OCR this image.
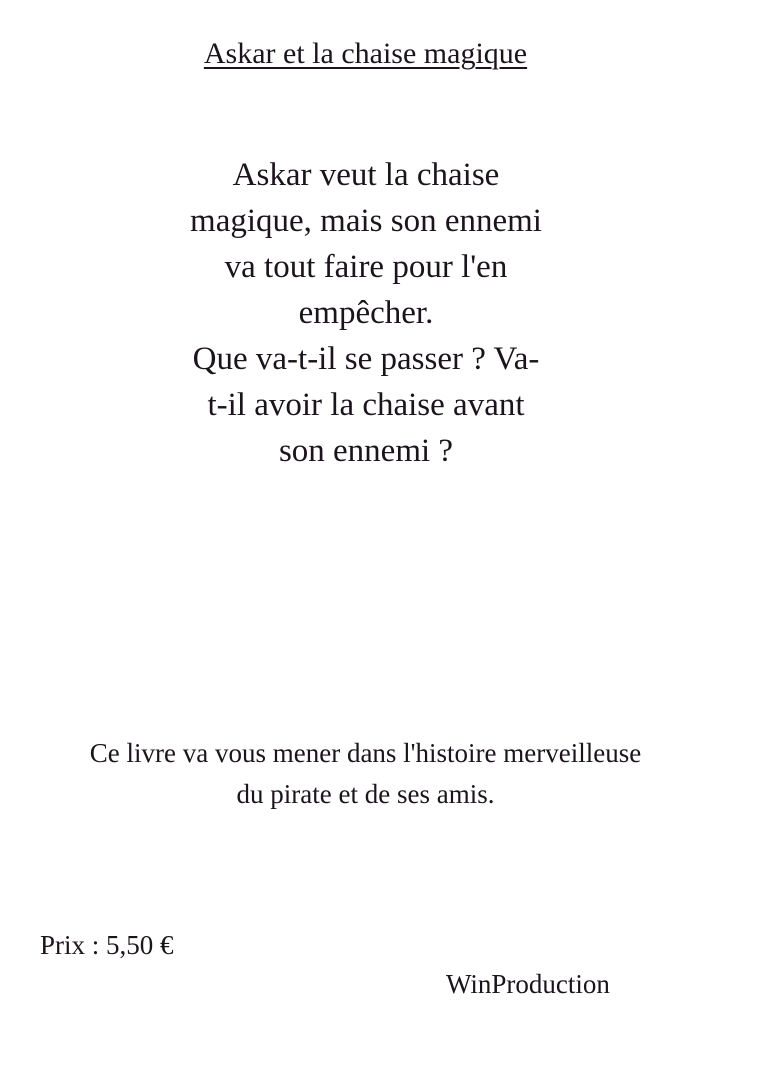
Askar et la chaise magique
Askar veut la chaise
magique, mais son ennemi
va tout faire pour l'en
empêcher.
Que va-t-il se passer ? Va-
t-il avoir la chaise avant
son ennemi ?
Ce livre va vous mener dans l'histoire merveilleuse
du pirate et de ses amis.

Prix : 5,50 €

WinProduction
